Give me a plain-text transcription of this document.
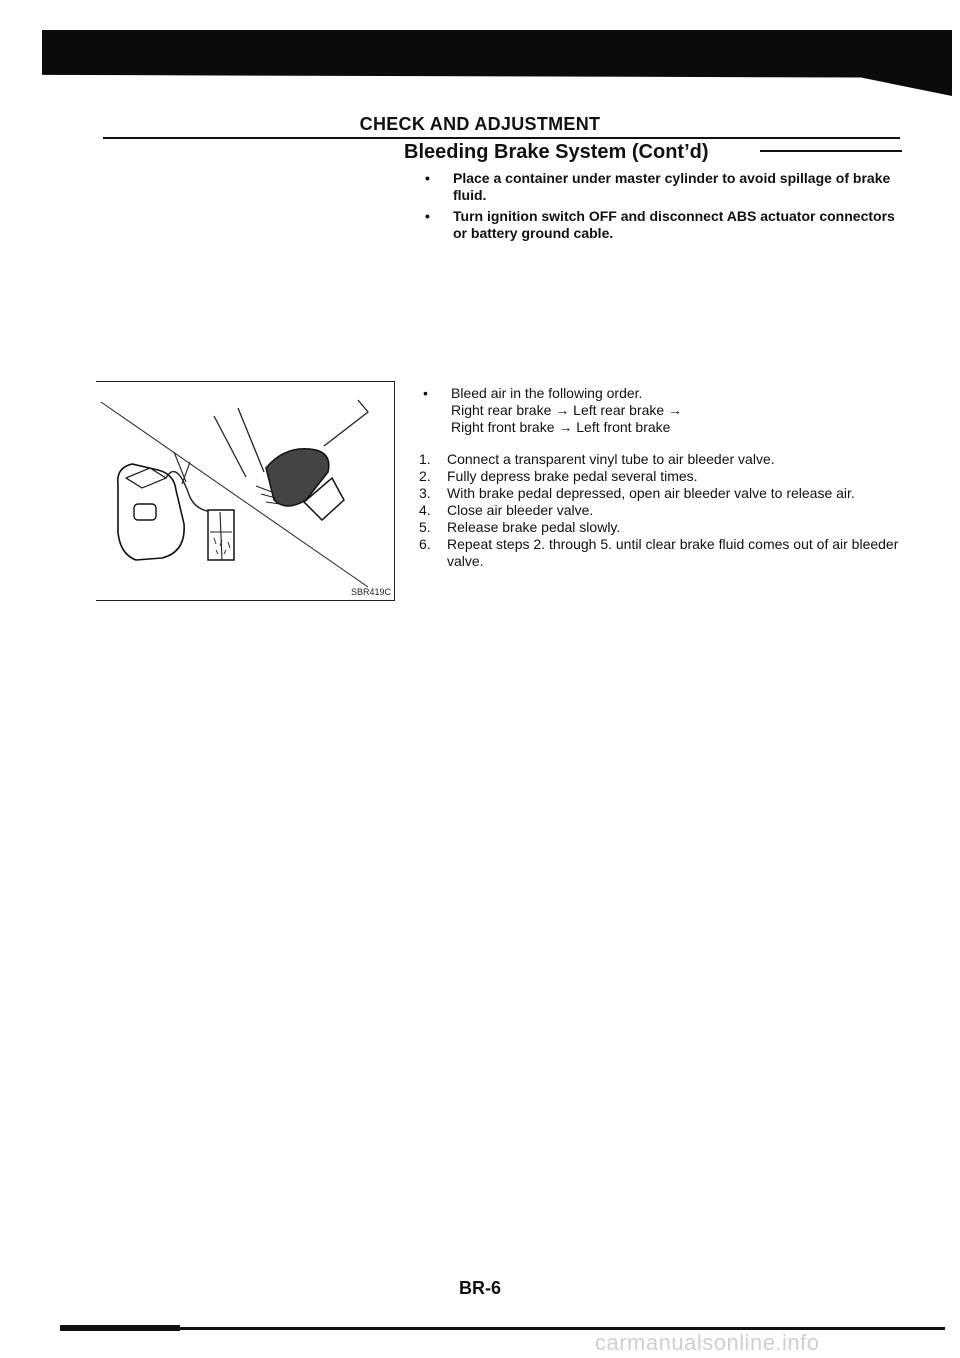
CHECK AND ADJUSTMENT
Bleeding Brake System (Cont’d)
• Place a container under master cylinder to avoid spillage of brake fluid.
• Turn ignition switch OFF and disconnect ABS actuator connectors or battery ground cable.
SBR419C
•	Bleed air in the following order.
Right rear brake → Left rear brake →
Right front brake → Left front brake
1. Connect a transparent vinyl tube to air bleeder valve.
2. Fully depress brake pedal several times.
3. With brake pedal depressed, open air bleeder valve to release air.
4. Close air bleeder valve.
5. Release brake pedal slowly.
6. Repeat steps 2. through 5. until clear brake fluid comes out of air bleeder valve.
BR-6
carmanualsonline.info
